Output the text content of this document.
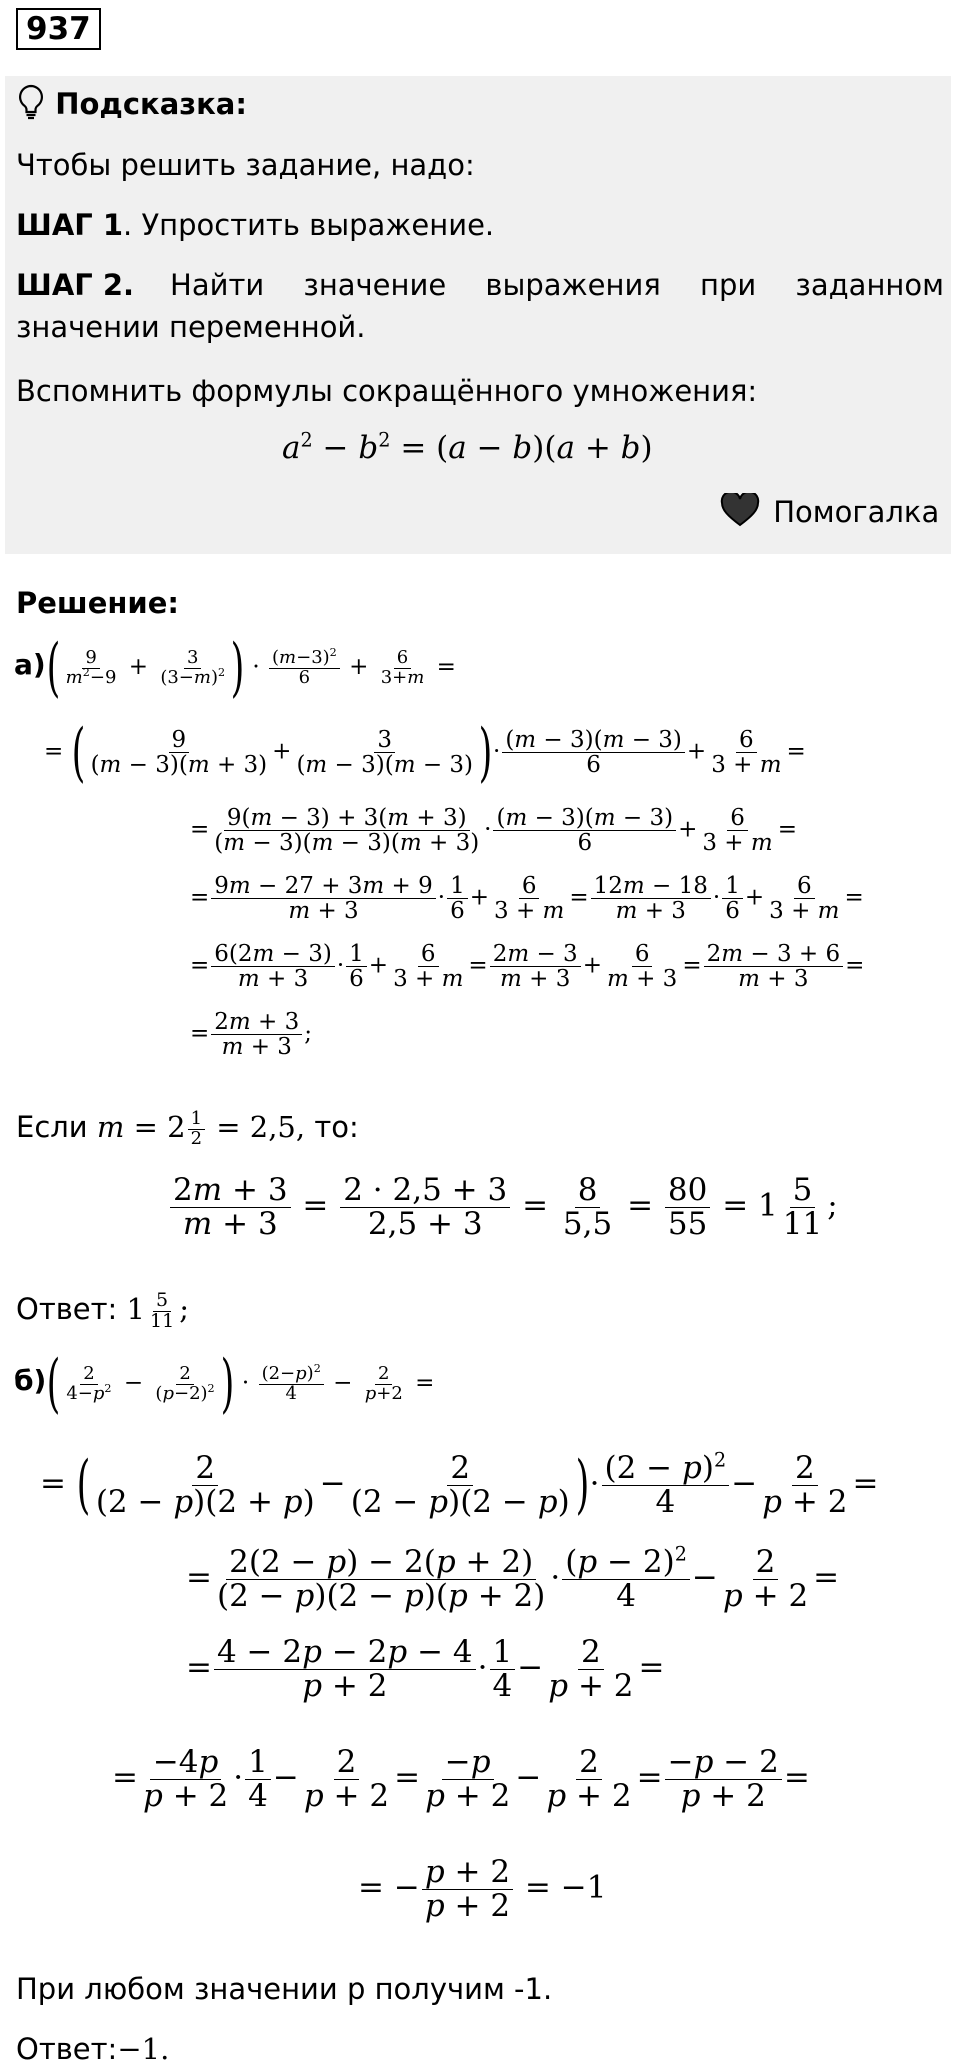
937
Подсказка:
Чтобы решить задание, надо:
ШАГ 1. Упростить выражение.
ШАГ 2. Найти значение выражения при заданном
значении переменной.
Вспомнить формулы сокращённого умножения:
$a^2 - b^2 = (a - b)(a + b)$
Помогалка
Решение:
$а)( \frac{9}{m^2-9} + \frac{3}{(3-m)^2}$ ) · $\frac{(m-3)^2}{6} + \frac{6}{3+m}$ =
= ( $\frac{9}{(m - 3)(m + 3)} + \frac{3}{(m - 3)(m - 3)}$ )· $\frac{(m - 3)(m - 3)}{6} + \frac{6}{3 + m}$ =
= $\frac{9(m - 3) + 3(m + 3)}{(m - 3)(m - 3)(m + 3)} \cdot \frac{(m - 3)(m - 3)}{6} + \frac{6}{3 + m}$ =
= $\frac{9m - 27 + 3m + 9}{m + 3} \cdot \frac{1}{6} + \frac{6}{3 + m} = \frac{12m - 18}{m + 3} \cdot \frac{1}{6} + \frac{6}{3 + m}$ =
= $\frac{6(2m - 3)}{m + 3} \cdot \frac{1}{6} + \frac{6}{3 + m} = \frac{2m - 3}{m + 3} + \frac{6}{m + 3} = \frac{2m - 3 + 6}{m + 3}$ =
= $\frac{2m + 3}{m + 3}$ ;
Если $m = 2 \frac{1}{2} = 2,5$, то:
$\frac{2m + 3}{m + 3} = \frac{2 \cdot 2,5 + 3}{2,5 + 3} = \frac{8}{5,5} = \frac{80}{55} = 1 \frac{5}{11}$ ;
Ответ: $1 \frac{5}{11}$ ;
$б)( \frac{2}{4-p^2} - \frac{2}{(p-2)^2}$ ) · $\frac{(2-p)^2}{4} - \frac{2}{p+2}$ =
= ( $\frac{2}{(2 - p)(2 + p)} - \frac{2}{(2 - p)(2 - p)}$ )· $\frac{(2 - p)^2}{4} - \frac{2}{p + 2}$ =
= $\frac{2(2 - p) - 2(p + 2)}{(2 - p)(2 - p)(p + 2)} \cdot \frac{(p - 2)^2}{4} - \frac{2}{p + 2}$ =
= $\frac{4 - 2p - 2p - 4}{p + 2} \cdot \frac{1}{4} - \frac{2}{p + 2}$ =
= $\frac{-4p}{p + 2} \cdot \frac{1}{4} - \frac{2}{p + 2} = \frac{-p}{p + 2} - \frac{2}{p + 2} = \frac{-p - 2}{p + 2}$ =
= − $\frac{p + 2}{p + 2} = -1$
При любом значении p получим -1.
Ответ:−1.
